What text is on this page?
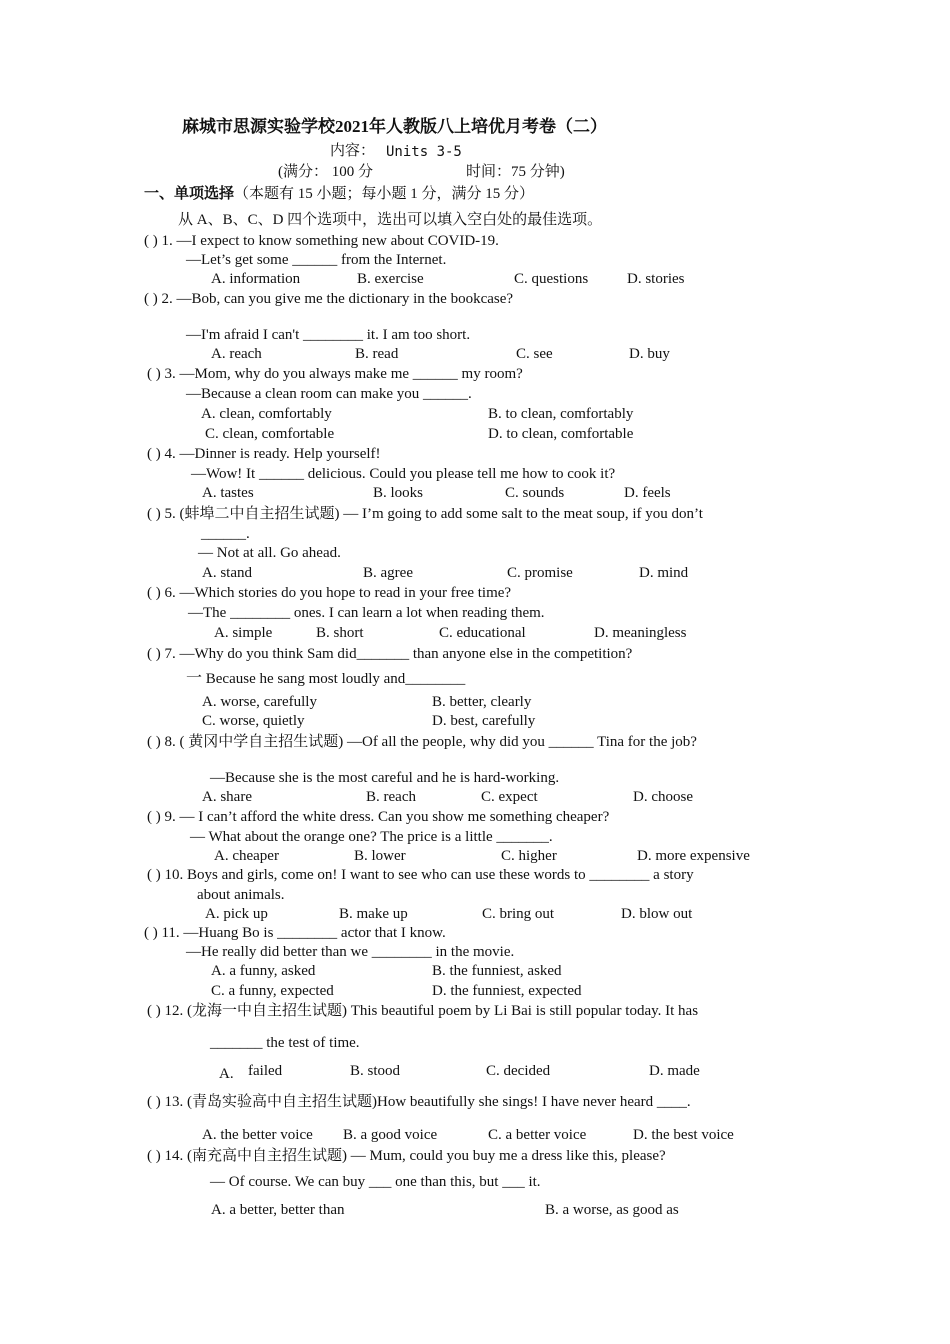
麻城市思源实验学校2021年人教版八上培优月考卷（二）
内容： Units 3-5
(满分： 100 分	时间：75 分钟)
一、单项选择（本题有 15 小题；每小题 1 分，满分 15 分）
从 A、B、C、D 四个选项中，选出可以填入空白处的最佳选项。
( ) 1. —I expect to know something new about COVID-19.
—Let’s get some ______ from the Internet.
A. information	B. exercise	C. questions	D. stories
( ) 2. —Bob, can you give me the dictionary in the bookcase?
—I'm afraid I can't ________ it. I am too short.
A. reach	B. read	C. see	D. buy
( ) 3. —Mom, why do you always make me ______ my room?
—Because a clean room can make you ______.
A. clean, comfortably	B. to clean, comfortably
C. clean, comfortable	D. to clean, comfortable
( ) 4. —Dinner is ready. Help yourself!
—Wow! It ______ delicious. Could you please tell me how to cook it?
A. tastes	B. looks	C. sounds	D. feels
( ) 5. (蚌埠二中自主招生试题) — I’m going to add some salt to the meat soup, if you don’t
______.
— Not at all. Go ahead.
A. stand	B. agree	C. promise	D. mind
( ) 6. —Which stories do you hope to read in your free time?
—The ________ ones. I can learn a lot when reading them.
A. simple	B. short	C. educational	D. meaningless
( ) 7. —Why do you think Sam did_______ than anyone else in the competition?
一 Because he sang most loudly and________
A. worse, carefully	B. better, clearly
C. worse, quietly	D. best, carefully
( ) 8. ( 黄冈中学自主招生试题) —Of all the people, why did you ______ Tina for the job?
—Because she is the most careful and he is hard-working.
A. share	B. reach	C. expect	D. choose
( ) 9. — I can’t afford the white dress. Can you show me something cheaper?
— What about the orange one? The price is a little _______.
A. cheaper	B. lower	C. higher	D. more expensive
( ) 10. Boys and girls, come on! I want to see who can use these words to ________ a story
about animals.
A. pick up	B. make up	C. bring out	D. blow out
( ) 11. —Huang Bo is ________ actor that I know.
—He really did better than we ________ in the movie.
A. a funny, asked	B. the funniest, asked
C. a funny, expected	D. the funniest, expected
( ) 12. (龙海一中自主招生试题) This beautiful poem by Li Bai is still popular today. It has
_______ the test of time.
A. failed	B. stood	C. decided	D. made
( ) 13. (青岛实验高中自主招生试题)How beautifully she sings! I have never heard ____.
A. the better voice B. a good voice	C. a better voice	D. the best voice
( ) 14. (南充高中自主招生试题) — Mum, could you buy me a dress like this, please?
— Of course. We can buy ___ one than this, but ___ it.
A. a better, better than	B. a worse, as good as
